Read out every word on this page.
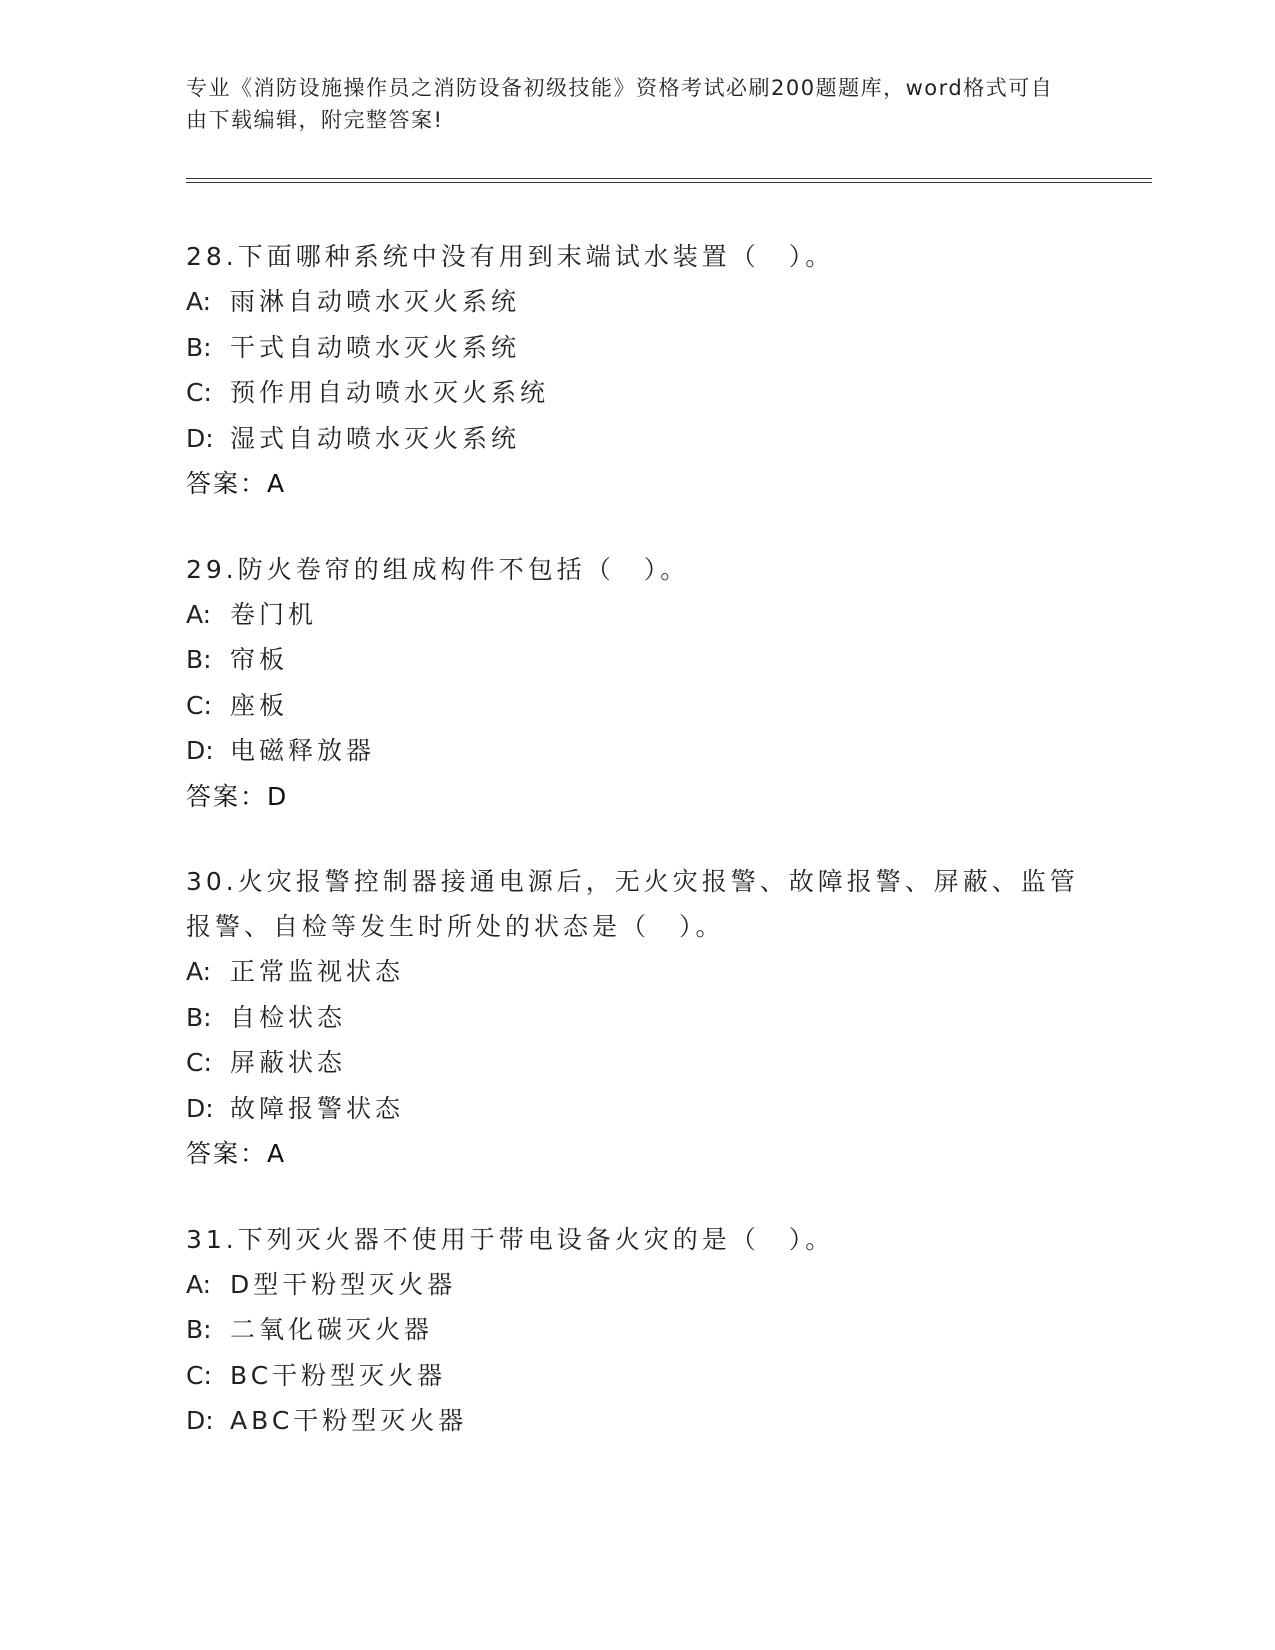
专业《消防设施操作员之消防设备初级技能》资格考试必刷200题题库，word格式可自由下载编辑，附完整答案!
28.下面哪种系统中没有用到末端试水装置（　）。
A: 雨淋自动喷水灭火系统
B: 干式自动喷水灭火系统
C: 预作用自动喷水灭火系统
D: 湿式自动喷水灭火系统
答案：A
29.防火卷帘的组成构件不包括（　）。
A: 卷门机
B: 帘板
C: 座板
D: 电磁释放器
答案：D
30.火灾报警控制器接通电源后，无火灾报警、故障报警、屏蔽、监管报警、自检等发生时所处的状态是（　）。
A: 正常监视状态
B: 自检状态
C: 屏蔽状态
D: 故障报警状态
答案：A
31.下列灭火器不使用于带电设备火灾的是（　）。
A: D型干粉型灭火器
B: 二氧化碳灭火器
C: BC干粉型灭火器
D: ABC干粉型灭火器
